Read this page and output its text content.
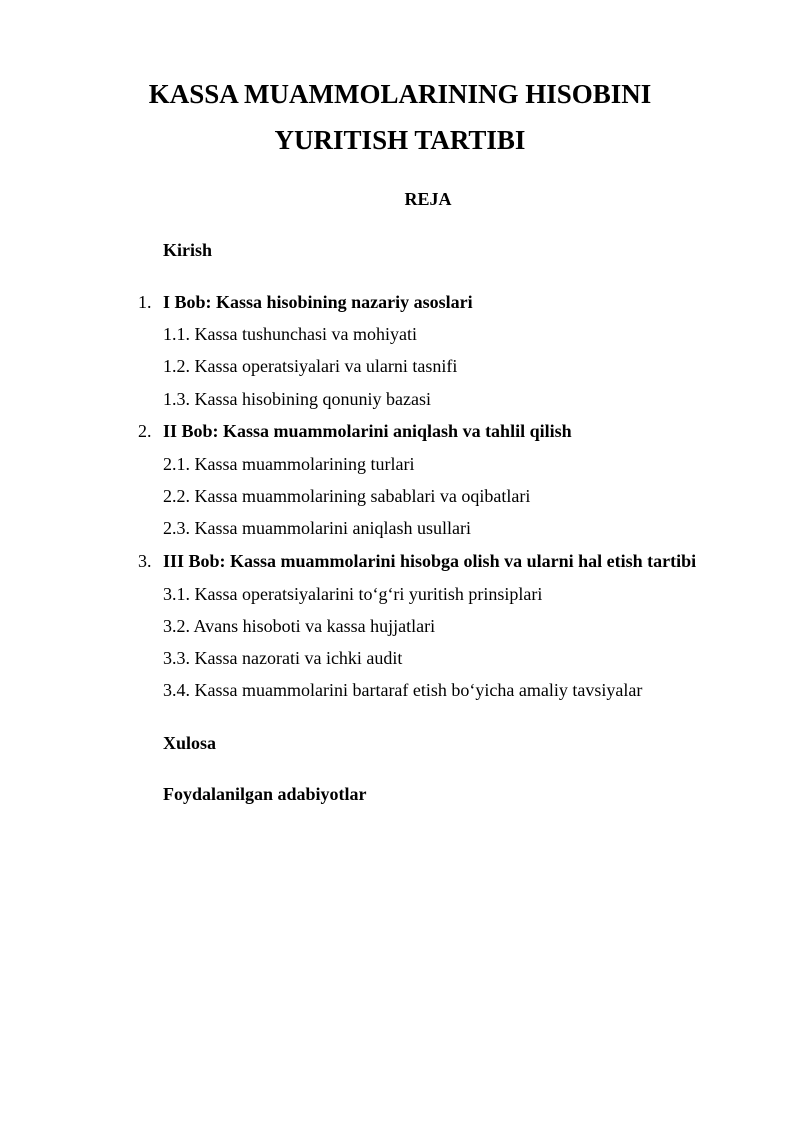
KASSA MUAMMOLARINING HISOBINI
YURITISH TARTIBI
REJA
Kirish
1. I Bob: Kassa hisobining nazariy asoslari
1.1. Kassa tushunchasi va mohiyati
1.2. Kassa operatsiyalari va ularni tasnifi
1.3. Kassa hisobining qonuniy bazasi
2. II Bob: Kassa muammolarini aniqlash va tahlil qilish
2.1. Kassa muammolarining turlari
2.2. Kassa muammolarining sabablari va oqibatlari
2.3. Kassa muammolarini aniqlash usullari
3. III Bob: Kassa muammolarini hisobga olish va ularni hal etish tartibi
3.1. Kassa operatsiyalarini to‘g‘ri yuritish prinsiplari
3.2. Avans hisoboti va kassa hujjatlari
3.3. Kassa nazorati va ichki audit
3.4. Kassa muammolarini bartaraf etish bo‘yicha amaliy tavsiyalar
Xulosa
Foydalanilgan adabiyotlar
